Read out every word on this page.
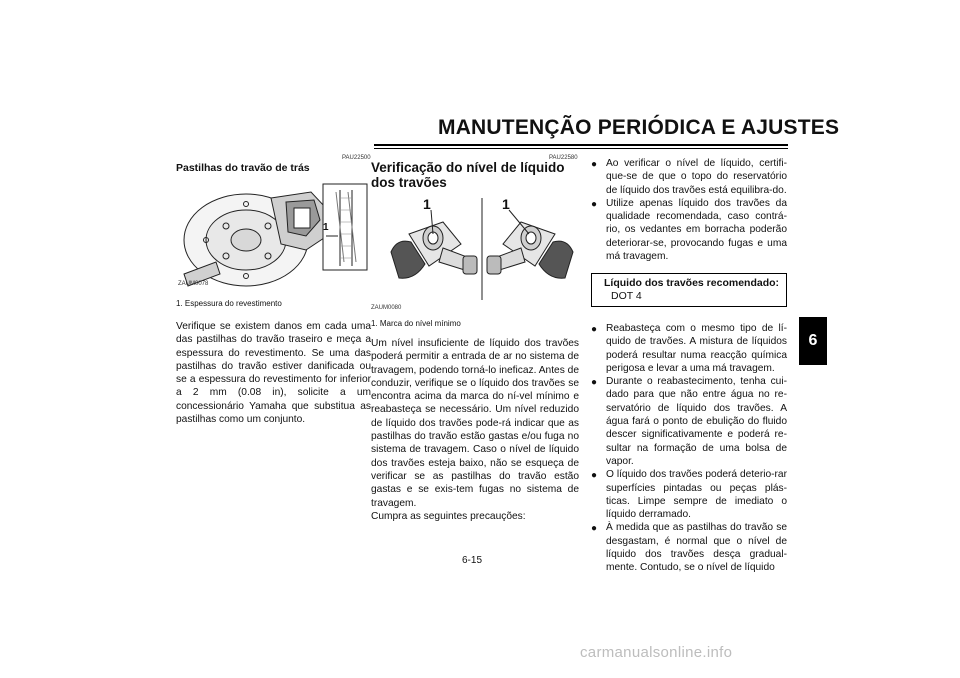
MANUTENÇÃO PERIÓDICA E AJUSTES
6
PAU22500
Pastilhas do travão de trás
1
ZAUM0078
1. Espessura do revestimento

Verifique se existem danos em cada uma das pastilhas do travão traseiro e meça a espessura do revestimento. Se uma das pastilhas do travão estiver danificada ou se a espessura do revestimento for inferior a 2 mm (0.08 in), solicite a um concessionário Yamaha que substitua as pastilhas como um conjunto.

PAU22580
Verificação do nível de líquido
dos travões
1	1
ZAUM0080
1. Marca do nível mínimo

Um nível insuficiente de líquido dos travões poderá permitir a entrada de ar no sistema de travagem, podendo torná-lo ineficaz. Antes de conduzir, verifique se o líquido dos travões se encontra acima da marca do ní-vel mínimo e reabasteça se necessário. Um nível reduzido de líquido dos travões pode-rá indicar que as pastilhas do travão estão gastas e/ou fuga no sistema de travagem. Caso o nível de líquido dos travões esteja baixo, não se esqueça de verificar se as pastilhas do travão estão gastas e se exis-tem fugas no sistema de travagem.

Cumpra as seguintes precauções:

● Ao verificar o nível de líquido, certifi-que-se de que o topo do reservatório de líquido dos travões está equilibra-do.
● Utilize apenas líquido dos travões da qualidade recomendada, caso contrá-rio, os vedantes em borracha poderão deteriorar-se, provocando fugas e uma má travagem.
Líquido dos travões recomendado:
DOT 4
● Reabasteça com o mesmo tipo de lí-quido de travões. A mistura de líquidos poderá resultar numa reacção química perigosa e levar a uma má travagem.
● Durante o reabastecimento, tenha cui-dado para que não entre água no re-servatório de líquido dos travões. A água fará o ponto de ebulição do fluido descer significativamente e poderá re-sultar na formação de uma bolsa de vapor.
● O líquido dos travões poderá deterio-rar superfícies pintadas ou peças plás-ticas. Limpe sempre de imediato o líquido derramado.
● À medida que as pastilhas do travão se desgastam, é normal que o nível de líquido dos travões desça gradual-mente. Contudo, se o nível de líquido
6-15
carmanualsonline.info
